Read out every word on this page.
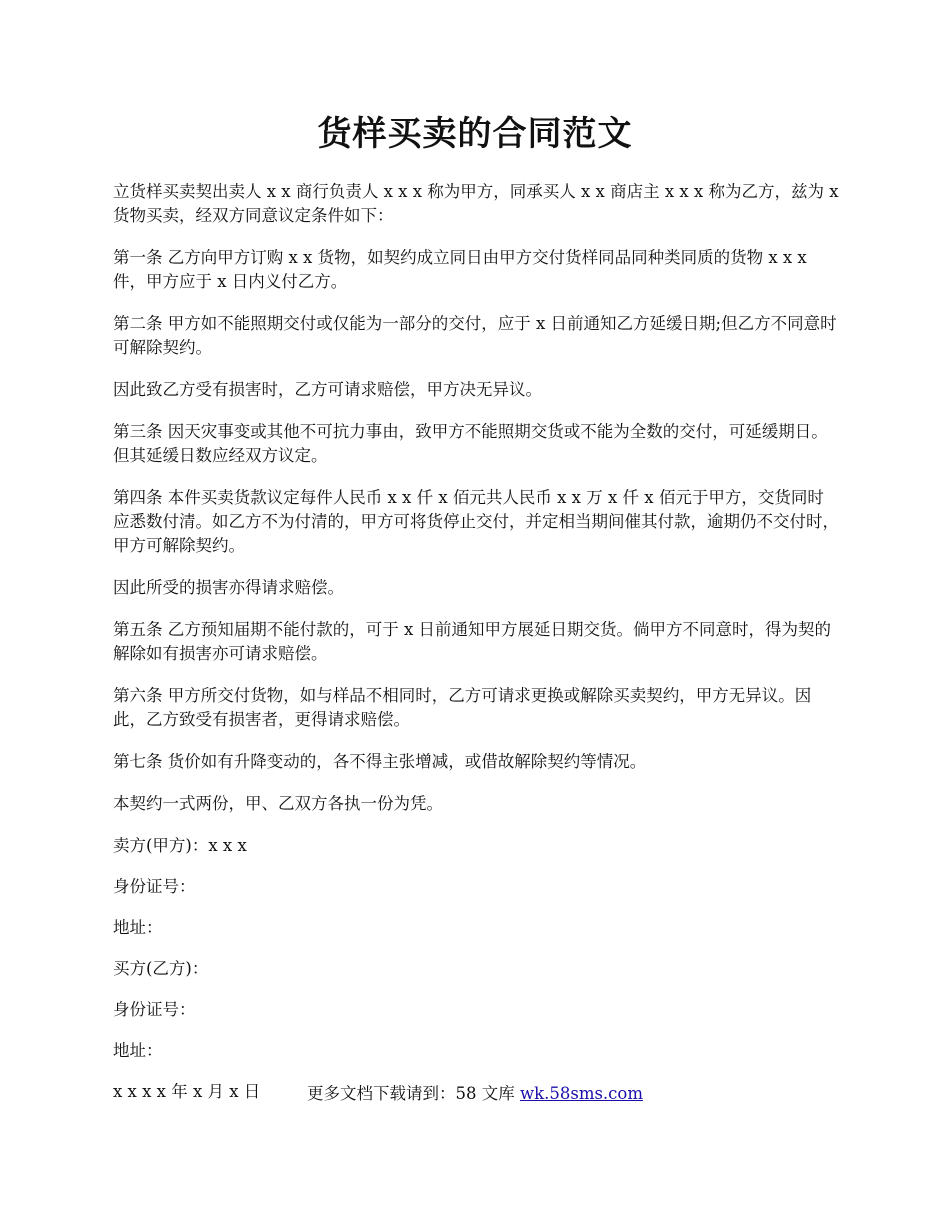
货样买卖的合同范文

立货样买卖契出卖人 x x 商行负责人 x x x 称为甲方，同承买人 x x 商店主 x x x 称为乙方，兹为 x 货物买卖，经双方同意议定条件如下：

第一条 乙方向甲方订购 x x 货物，如契约成立同日由甲方交付货样同品同种类同质的货物 x x x 件，甲方应于 x 日内义付乙方。

第二条 甲方如不能照期交付或仅能为一部分的交付，应于 x 日前通知乙方延缓日期;但乙方不同意时可解除契约。

因此致乙方受有损害时，乙方可请求赔偿，甲方决无异议。

第三条 因天灾事变或其他不可抗力事由，致甲方不能照期交货或不能为全数的交付，可延缓期日。但其延缓日数应经双方议定。

第四条 本件买卖货款议定每件人民币 x x 仟 x 佰元共人民币 x x 万 x 仟 x 佰元于甲方，交货同时应悉数付清。如乙方不为付清的，甲方可将货停止交付，并定相当期间催其付款，逾期仍不交付时，甲方可解除契约。

因此所受的损害亦得请求赔偿。

第五条 乙方预知届期不能付款的，可于 x 日前通知甲方展延日期交货。倘甲方不同意时，得为契的解除如有损害亦可请求赔偿。

第六条 甲方所交付货物，如与样品不相同时，乙方可请求更换或解除买卖契约，甲方无异议。因此，乙方致受有损害者，更得请求赔偿。

第七条 货价如有升降变动的，各不得主张增减，或借故解除契约等情况。

本契约一式两份，甲、乙双方各执一份为凭。

卖方(甲方)：x x x

身份证号：

地址：

买方(乙方)：

身份证号：

地址：

x x x x 年 x 月 x 日	更多文档下载请到：58 文库 wk.58sms.com
